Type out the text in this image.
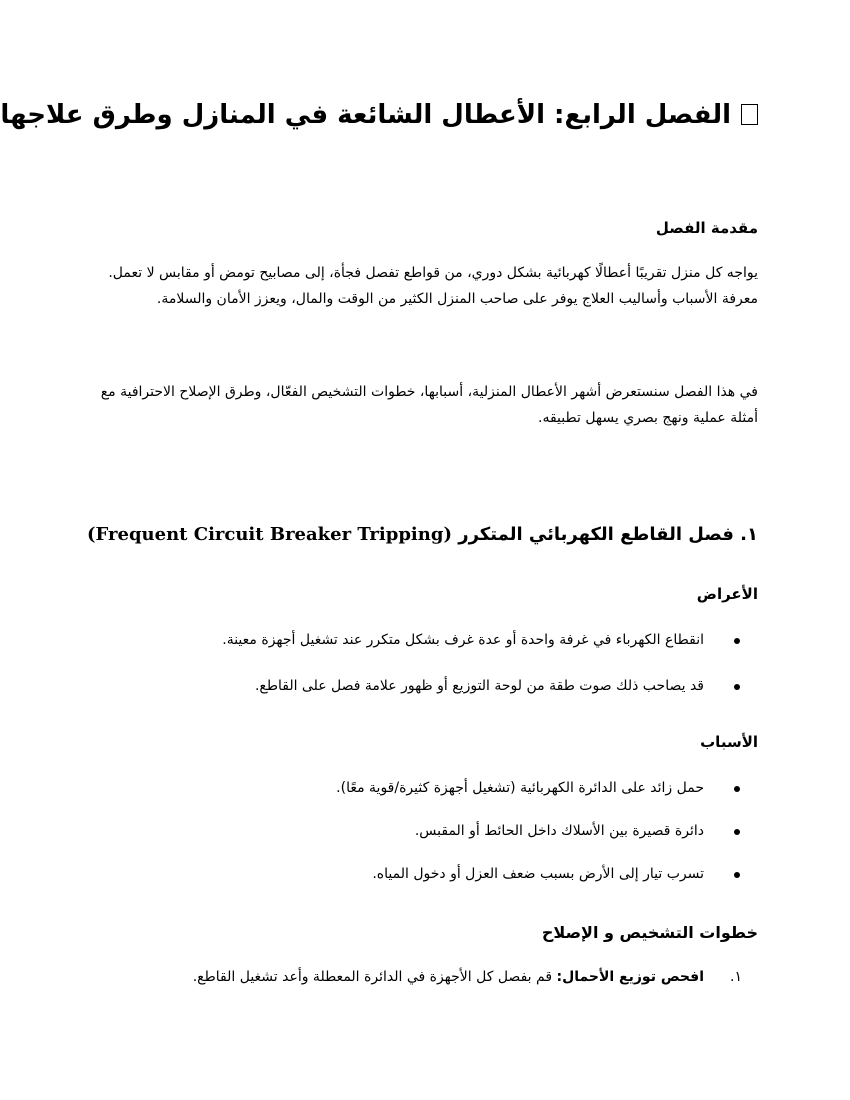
الفصل الرابع: الأعطال الشائعة في المنازل وطرق علاجها
مقدمة الفصل

يواجه كل منزل تقريبًا أعطالًا كهربائية بشكل دوري، من قواطع تفصل فجأة، إلى مصابيح تومض أو مقابس لا تعمل. معرفة الأسباب وأساليب العلاج يوفر على صاحب المنزل الكثير من الوقت والمال، ويعزز الأمان والسلامة.

في هذا الفصل سنستعرض أشهر الأعطال المنزلية، أسبابها، خطوات التشخيص الفعّال، وطرق الإصلاح الاحترافية مع أمثلة عملية ونهج بصري يسهل تطبيقه.

١. فصل القاطع الكهربائي المتكرر (Frequent Circuit Breaker Tripping)
الأعراض
انقطاع الكهرباء في غرفة واحدة أو عدة غرف بشكل متكرر عند تشغيل أجهزة معينة.
قد يصاحب ذلك صوت طقة من لوحة التوزيع أو ظهور علامة فصل على القاطع.
الأسباب
حمل زائد على الدائرة الكهربائية (تشغيل أجهزة كثيرة/قوية معًا).
دائرة قصيرة بين الأسلاك داخل الحائط أو المقبس.
تسرب تيار إلى الأرض بسبب ضعف العزل أو دخول المياه.
خطوات التشخيص و الإصلاح
١.
افحص توزيع الأحمال: قم بفصل كل الأجهزة في الدائرة المعطلة وأعد تشغيل القاطع.
